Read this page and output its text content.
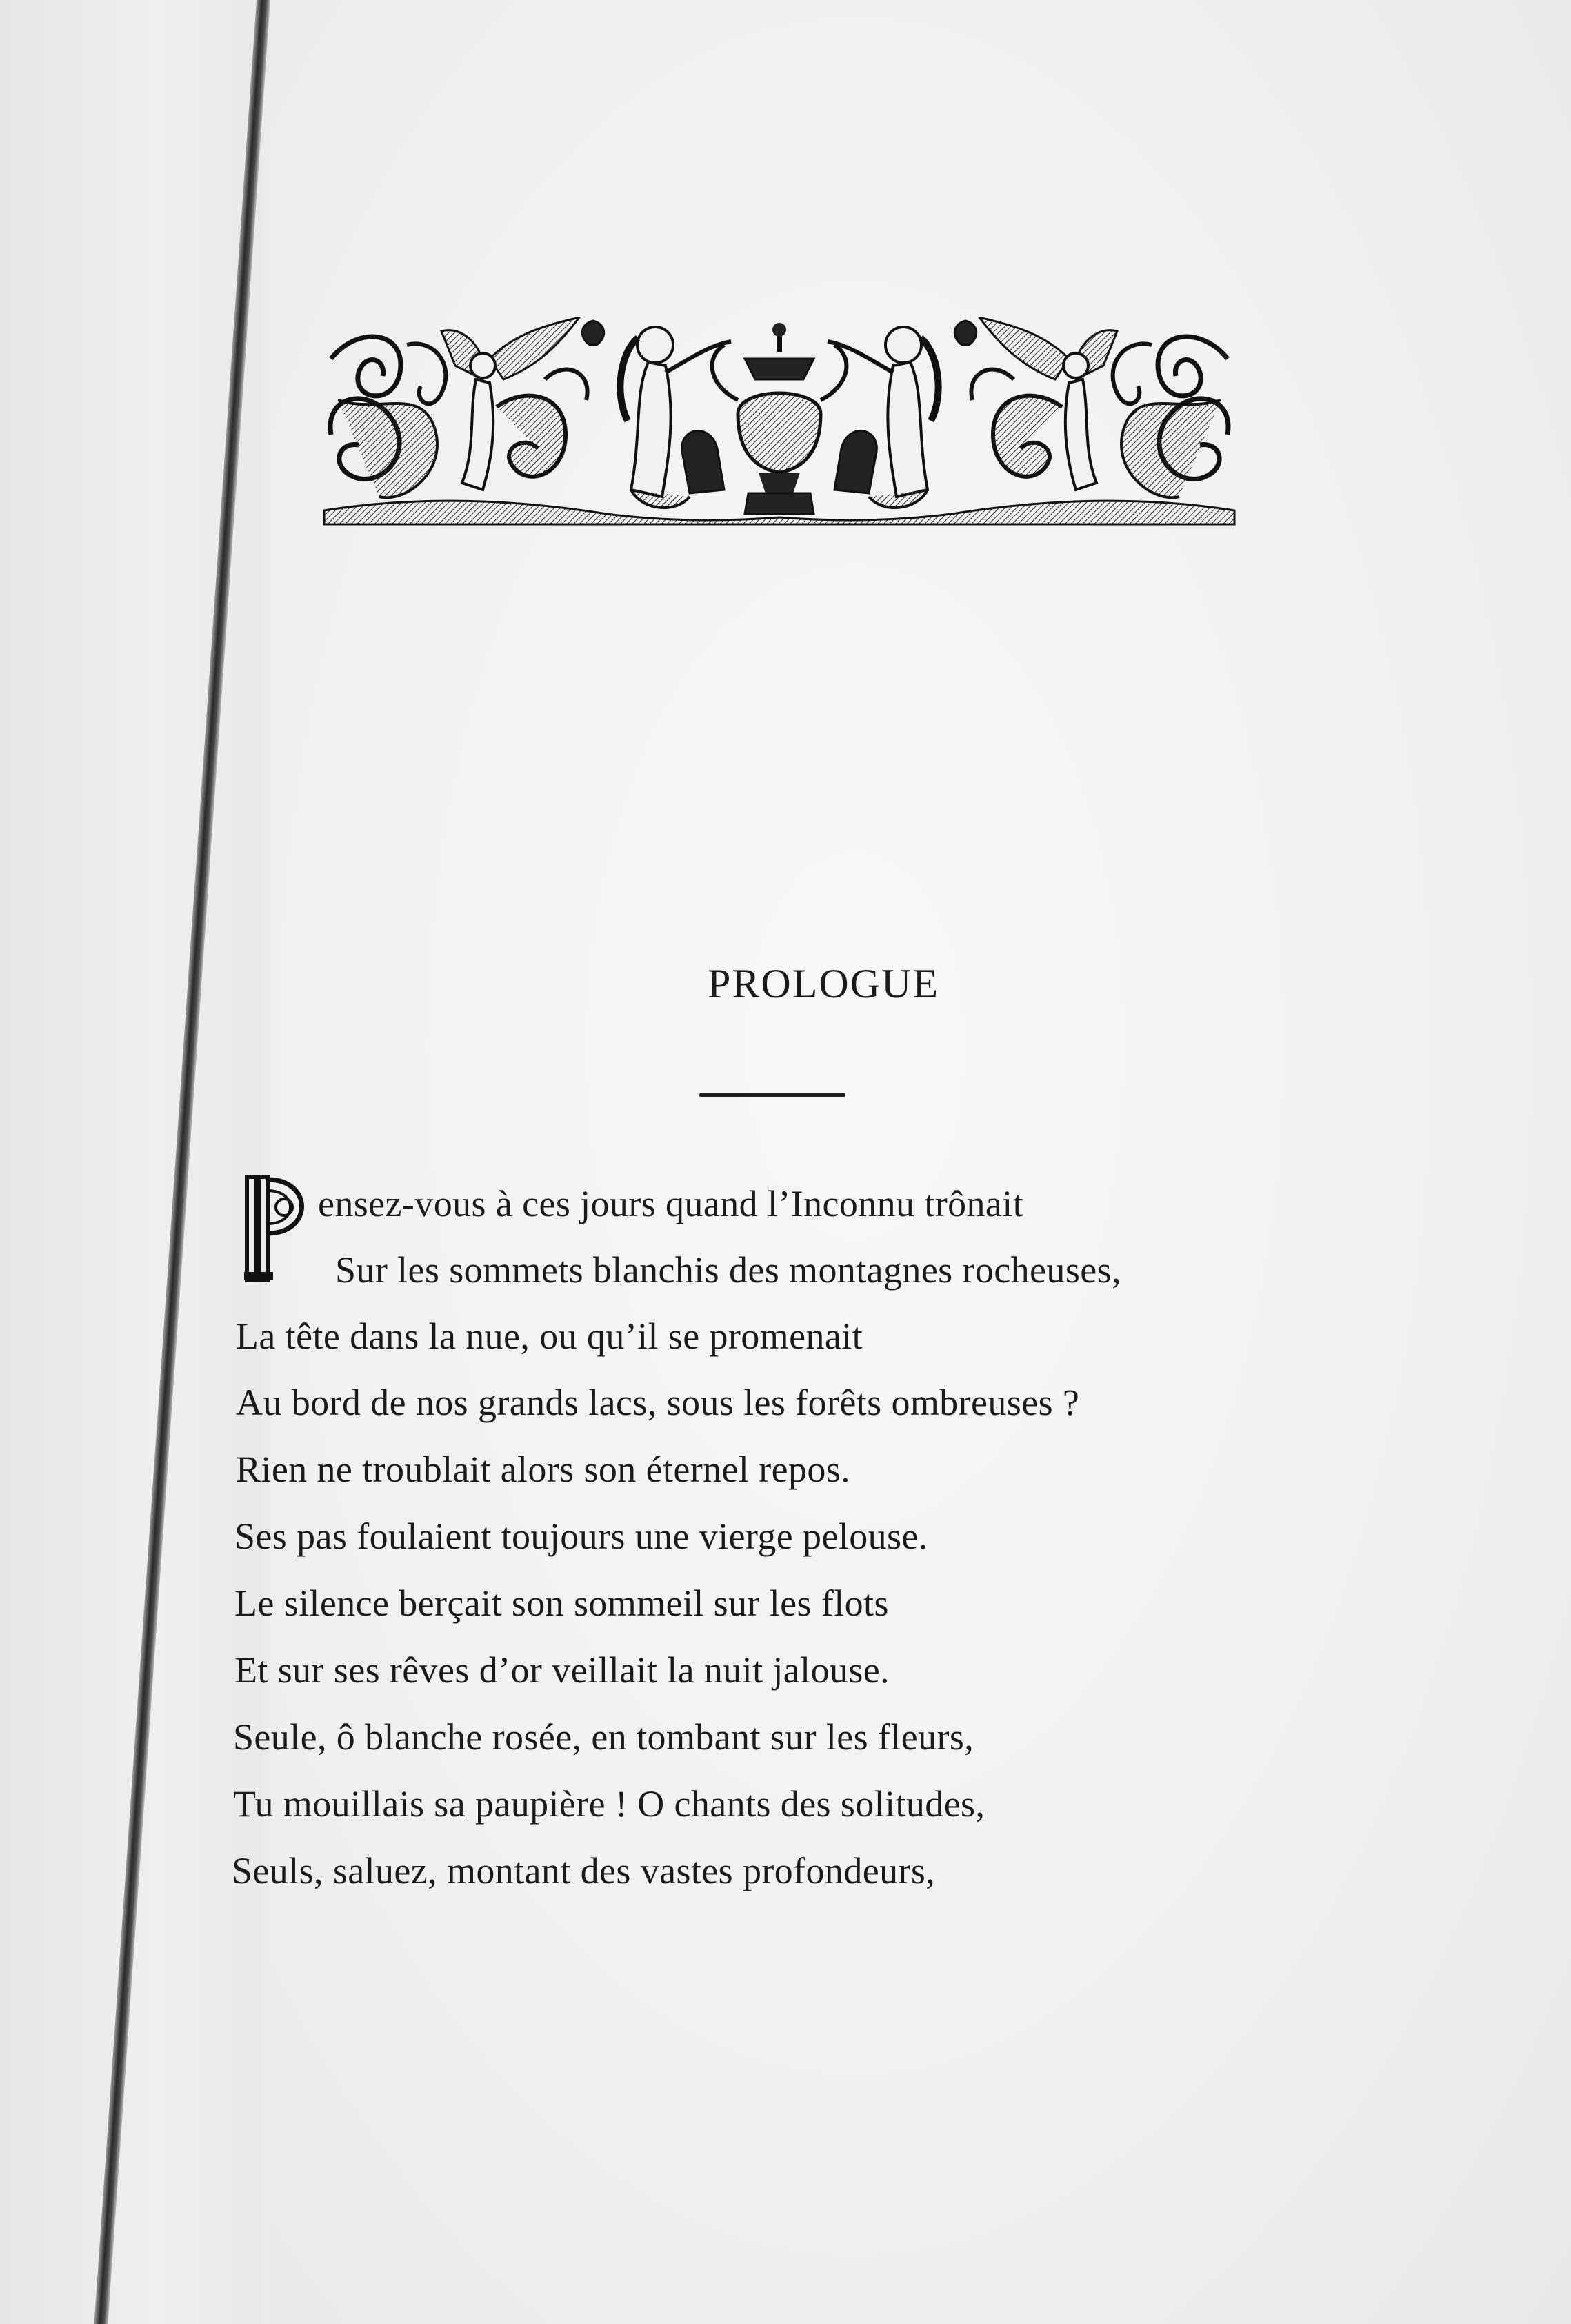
PROLOGUE
ensez-vous à ces jours quand l’Inconnu trônait
Sur les sommets blanchis des montagnes rocheuses,
La tête dans la nue, ou qu’il se promenait
Au bord de nos grands lacs, sous les forêts ombreuses ?
Rien ne troublait alors son éternel repos.
Ses pas foulaient toujours une vierge pelouse.
Le silence berçait son sommeil sur les flots
Et sur ses rêves d’or veillait la nuit jalouse.
Seule, ô blanche rosée, en tombant sur les fleurs,
Tu mouillais sa paupière ! O chants des solitudes,
Seuls, saluez, montant des vastes profondeurs,
